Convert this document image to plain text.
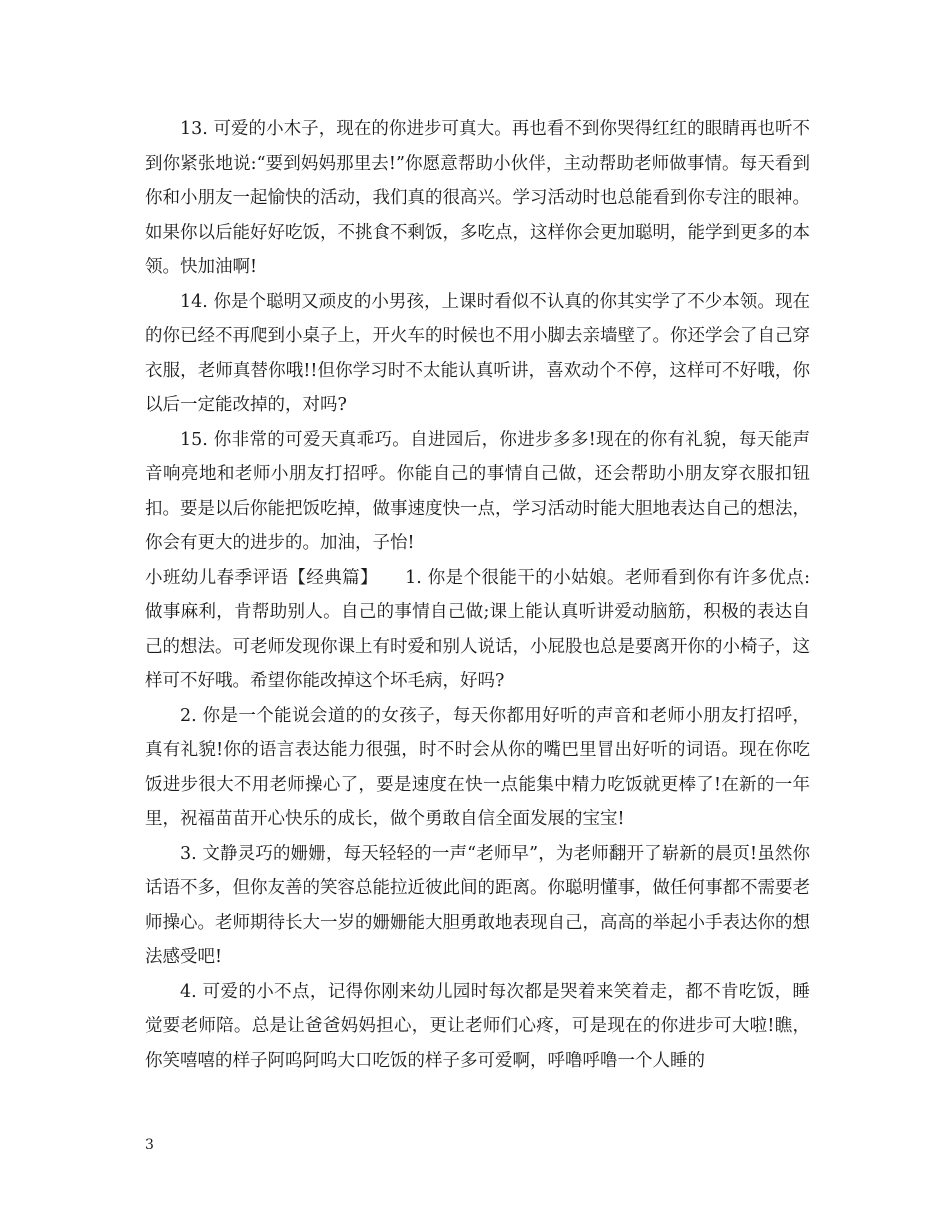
13. 可爱的小木子，现在的你进步可真大。再也看不到你哭得红红的眼睛再也听不到你紧张地说:“要到妈妈那里去!”你愿意帮助小伙伴，主动帮助老师做事情。每天看到你和小朋友一起愉快的活动，我们真的很高兴。学习活动时也总能看到你专注的眼神。如果你以后能好好吃饭，不挑食不剩饭，多吃点，这样你会更加聪明，能学到更多的本领。快加油啊!

14. 你是个聪明又顽皮的小男孩，上课时看似不认真的你其实学了不少本领。现在的你已经不再爬到小桌子上，开火车的时候也不用小脚去亲墙壁了。你还学会了自己穿衣服，老师真替你哦!!但你学习时不太能认真听讲，喜欢动个不停，这样可不好哦，你以后一定能改掉的，对吗?

15. 你非常的可爱天真乖巧。自进园后，你进步多多!现在的你有礼貌，每天能声音响亮地和老师小朋友打招呼。你能自己的事情自己做，还会帮助小朋友穿衣服扣钮扣。要是以后你能把饭吃掉，做事速度快一点，学习活动时能大胆地表达自己的想法，你会有更大的进步的。加油，子怡!

小班幼儿春季评语【经典篇】　　1. 你是个很能干的小姑娘。老师看到你有许多优点:做事麻利，肯帮助别人。自己的事情自己做;课上能认真听讲爱动脑筋，积极的表达自己的想法。可老师发现你课上有时爱和别人说话，小屁股也总是要离开你的小椅子，这样可不好哦。希望你能改掉这个坏毛病，好吗?

2. 你是一个能说会道的的女孩子，每天你都用好听的声音和老师小朋友打招呼，真有礼貌!你的语言表达能力很强，时不时会从你的嘴巴里冒出好听的词语。现在你吃饭进步很大不用老师操心了，要是速度在快一点能集中精力吃饭就更棒了!在新的一年里，祝福苗苗开心快乐的成长，做个勇敢自信全面发展的宝宝!

3. 文静灵巧的姗姗，每天轻轻的一声“老师早”，为老师翻开了崭新的晨页!虽然你话语不多，但你友善的笑容总能拉近彼此间的距离。你聪明懂事，做任何事都不需要老师操心。老师期待长大一岁的姗姗能大胆勇敢地表现自己，高高的举起小手表达你的想法感受吧!

4. 可爱的小不点，记得你刚来幼儿园时每次都是哭着来笑着走，都不肯吃饭，睡觉要老师陪。总是让爸爸妈妈担心，更让老师们心疼，可是现在的你进步可大啦!瞧，你笑嘻嘻的样子阿呜阿呜大口吃饭的样子多可爱啊，呼噜呼噜一个人睡的

3
